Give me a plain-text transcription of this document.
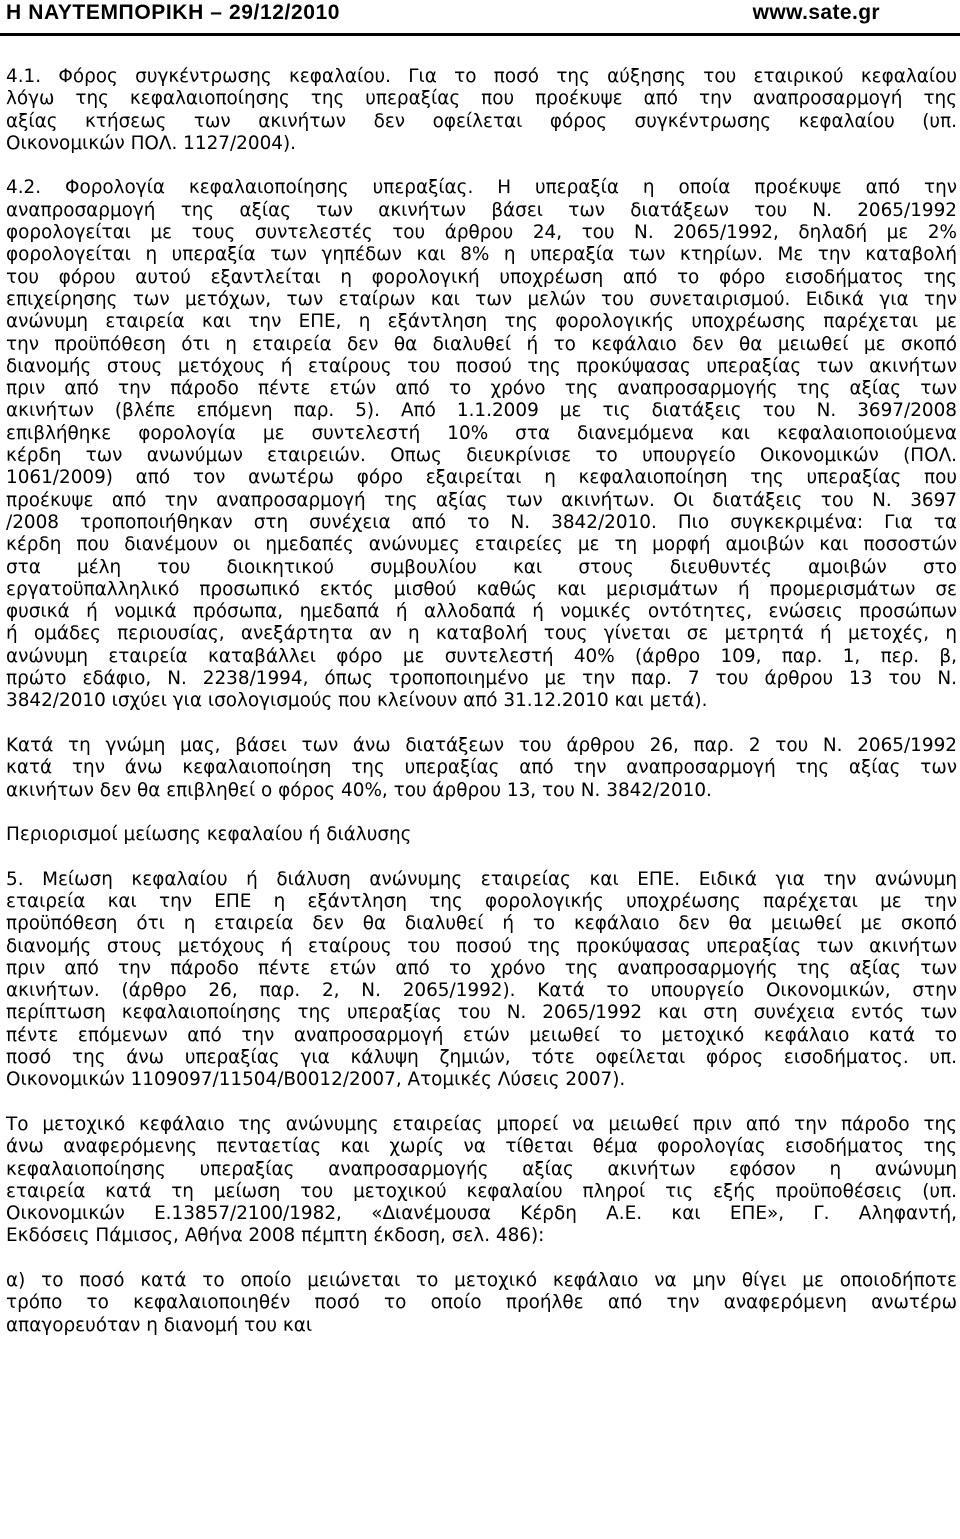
Η ΝΑΥΤΕΜΠΟΡΙΚΗ – 29/12/2010	www.sate.gr
4.1. Φόρος συγκέντρωσης κεφαλαίου. Για το ποσό της αύξησης του εταιρικού κεφαλαίου
λόγω της κεφαλαιοποίησης της υπεραξίας που προέκυψε από την αναπροσαρμογή της
αξίας κτήσεως των ακινήτων δεν οφείλεται φόρος συγκέντρωσης κεφαλαίου (υπ.
Οικονομικών ΠΟΛ. 1127/2004).
4.2. Φορολογία κεφαλαιοποίησης υπεραξίας. Η υπεραξία η οποία προέκυψε από την
αναπροσαρμογή της αξίας των ακινήτων βάσει των διατάξεων του Ν. 2065/1992
φορολογείται με τους συντελεστές του άρθρου 24, του Ν. 2065/1992, δηλαδή με 2%
φορολογείται η υπεραξία των γηπέδων και 8% η υπεραξία των κτηρίων. Με την καταβολή
του φόρου αυτού εξαντλείται η φορολογική υποχρέωση από το φόρο εισοδήματος της
επιχείρησης των μετόχων, των εταίρων και των μελών του συνεταιρισμού. Ειδικά για την
ανώνυμη εταιρεία και την ΕΠΕ, η εξάντληση της φορολογικής υποχρέωσης παρέχεται με
την προϋπόθεση ότι η εταιρεία δεν θα διαλυθεί ή το κεφάλαιο δεν θα μειωθεί με σκοπό
διανομής στους μετόχους ή εταίρους του ποσού της προκύψασας υπεραξίας των ακινήτων
πριν από την πάροδο πέντε ετών από το χρόνο της αναπροσαρμογής της αξίας των
ακινήτων (βλέπε επόμενη παρ. 5). Από 1.1.2009 με τις διατάξεις του Ν. 3697/2008
επιβλήθηκε φορολογία με συντελεστή 10% στα διανεμόμενα και κεφαλαιοποιούμενα
κέρδη των ανωνύμων εταιρειών. Οπως διευκρίνισε το υπουργείο Οικονομικών (ΠΟΛ.
1061/2009) από τον ανωτέρω φόρο εξαιρείται η κεφαλαιοποίηση της υπεραξίας που
προέκυψε από την αναπροσαρμογή της αξίας των ακινήτων. Οι διατάξεις του Ν. 3697
/2008 τροποποιήθηκαν στη συνέχεια από το Ν. 3842/2010. Πιο συγκεκριμένα: Για τα
κέρδη που διανέμουν οι ημεδαπές ανώνυμες εταιρείες με τη μορφή αμοιβών και ποσοστών
στα μέλη του διοικητικού συμβουλίου και στους διευθυντές αμοιβών στο
εργατοϋπαλληλικό προσωπικό εκτός μισθού καθώς και μερισμάτων ή προμερισμάτων σε
φυσικά ή νομικά πρόσωπα, ημεδαπά ή αλλοδαπά ή νομικές οντότητες, ενώσεις προσώπων
ή ομάδες περιουσίας, ανεξάρτητα αν η καταβολή τους γίνεται σε μετρητά ή μετοχές, η
ανώνυμη εταιρεία καταβάλλει φόρο με συντελεστή 40% (άρθρο 109, παρ. 1, περ. β,
πρώτο εδάφιο, Ν. 2238/1994, όπως τροποποιημένο με την παρ. 7 του άρθρου 13 του Ν.
3842/2010 ισχύει για ισολογισμούς που κλείνουν από 31.12.2010 και μετά).
Κατά τη γνώμη μας, βάσει των άνω διατάξεων του άρθρου 26, παρ. 2 του Ν. 2065/1992
κατά την άνω κεφαλαιοποίηση της υπεραξίας από την αναπροσαρμογή της αξίας των
ακινήτων δεν θα επιβληθεί ο φόρος 40%, του άρθρου 13, του Ν. 3842/2010.
Περιορισμοί μείωσης κεφαλαίου ή διάλυσης
5. Μείωση κεφαλαίου ή διάλυση ανώνυμης εταιρείας και ΕΠΕ. Ειδικά για την ανώνυμη
εταιρεία και την ΕΠΕ η εξάντληση της φορολογικής υποχρέωσης παρέχεται με την
προϋπόθεση ότι η εταιρεία δεν θα διαλυθεί ή το κεφάλαιο δεν θα μειωθεί με σκοπό
διανομής στους μετόχους ή εταίρους του ποσού της προκύψασας υπεραξίας των ακινήτων
πριν από την πάροδο πέντε ετών από το χρόνο της αναπροσαρμογής της αξίας των
ακινήτων. (άρθρο 26, παρ. 2, Ν. 2065/1992). Κατά το υπουργείο Οικονομικών, στην
περίπτωση κεφαλαιοποίησης της υπεραξίας του Ν. 2065/1992 και στη συνέχεια εντός των
πέντε επόμενων από την αναπροσαρμογή ετών μειωθεί το μετοχικό κεφάλαιο κατά το
ποσό της άνω υπεραξίας για κάλυψη ζημιών, τότε οφείλεται φόρος εισοδήματος. υπ.
Οικονομικών 1109097/11504/Β0012/2007, Ατομικές Λύσεις 2007).
Το μετοχικό κεφάλαιο της ανώνυμης εταιρείας μπορεί να μειωθεί πριν από την πάροδο της
άνω αναφερόμενης πενταετίας και χωρίς να τίθεται θέμα φορολογίας εισοδήματος της
κεφαλαιοποίησης υπεραξίας αναπροσαρμογής αξίας ακινήτων εφόσον η ανώνυμη
εταιρεία κατά τη μείωση του μετοχικού κεφαλαίου πληροί τις εξής προϋποθέσεις (υπ.
Οικονομικών Ε.13857/2100/1982, «Διανέμουσα Κέρδη Α.Ε. και ΕΠΕ», Γ. Αληφαντή,
Εκδόσεις Πάμισος, Αθήνα 2008 πέμπτη έκδοση, σελ. 486):
α) το ποσό κατά το οποίο μειώνεται το μετοχικό κεφάλαιο να μην θίγει με οποιοδήποτε
τρόπο το κεφαλαιοποιηθέν ποσό το οποίο προήλθε από την αναφερόμενη ανωτέρω
απαγορευόταν η διανομή του και
